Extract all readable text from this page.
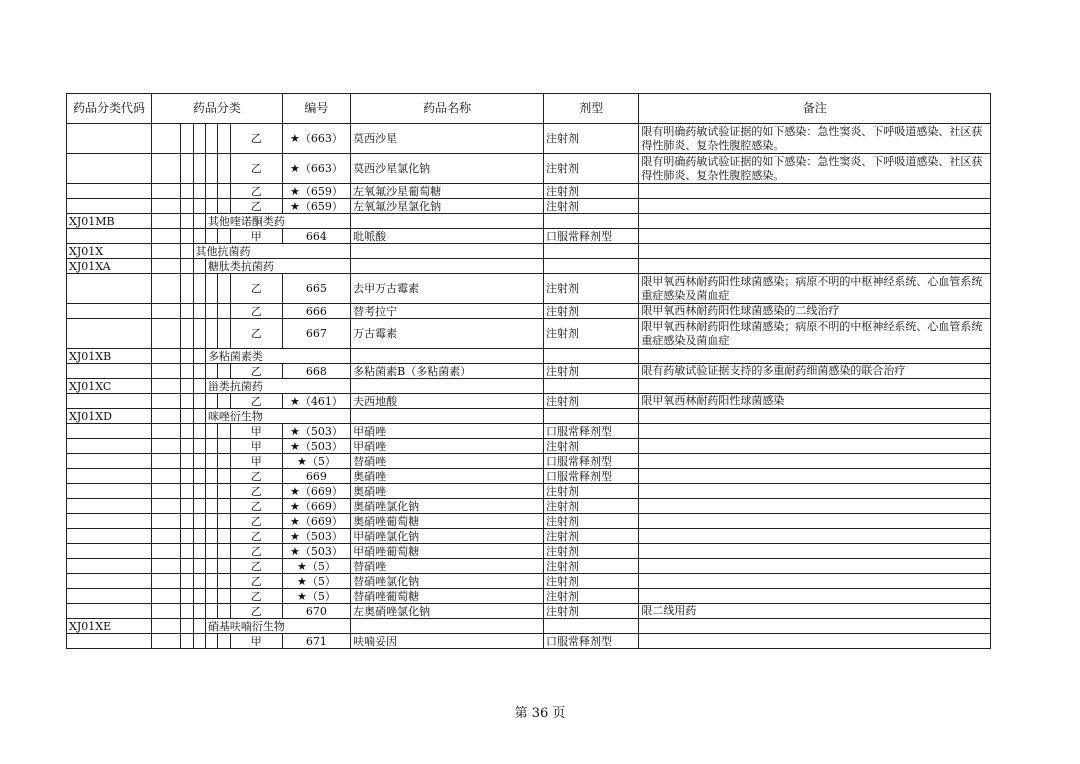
药品分类代码	药品分类						编号	药品名称	剂型	备注
						乙	★（663）	莫西沙星	注射剂	限有明确药敏试验证据的如下感染：急性窦炎、下呼吸道感染、社区获得性肺炎、复杂性腹腔感染。
						乙	★（663）	莫西沙星氯化钠	注射剂	限有明确药敏试验证据的如下感染：急性窦炎、下呼吸道感染、社区获得性肺炎、复杂性腹腔感染。
						乙	★（659）	左氧氟沙星葡萄糖	注射剂	
						乙	★（659）	左氧氟沙星氯化钠	注射剂	
XJ01MB				其他喹诺酮类药						
						甲	664	吡哌酸	口服常释剂型	
XJ01X			其他抗菌药							
XJ01XA				糖肽类抗菌药						
						乙	665	去甲万古霉素	注射剂	限甲氧西林耐药阳性球菌感染；病原不明的中枢神经系统、心血管系统重症感染及菌血症
						乙	666	替考拉宁	注射剂	限甲氧西林耐药阳性球菌感染的二线治疗
						乙	667	万古霉素	注射剂	限甲氧西林耐药阳性球菌感染；病原不明的中枢神经系统、心血管系统重症感染及菌血症
XJ01XB				多粘菌素类						
						乙	668	多粘菌素B（多粘菌素）	注射剂	限有药敏试验证据支持的多重耐药细菌感染的联合治疗
XJ01XC				甾类抗菌药						
						乙	★（461）	夫西地酸	注射剂	限甲氧西林耐药阳性球菌感染
XJ01XD				咪唑衍生物						
						甲	★（503）	甲硝唑	口服常释剂型	
						甲	★（503）	甲硝唑	注射剂	
						甲	★（5）	替硝唑	口服常释剂型	
						乙	669	奥硝唑	口服常释剂型	
						乙	★（669）	奥硝唑	注射剂	
						乙	★（669）	奥硝唑氯化钠	注射剂	
						乙	★（669）	奥硝唑葡萄糖	注射剂	
						乙	★（503）	甲硝唑氯化钠	注射剂	
						乙	★（503）	甲硝唑葡萄糖	注射剂	
						乙	★（5）	替硝唑	注射剂	
						乙	★（5）	替硝唑氯化钠	注射剂	
						乙	★（5）	替硝唑葡萄糖	注射剂	
						乙	670	左奥硝唑氯化钠	注射剂	限二线用药
XJ01XE				硝基呋喃衍生物						
						甲	671	呋喃妥因	口服常释剂型	
第 36 页
